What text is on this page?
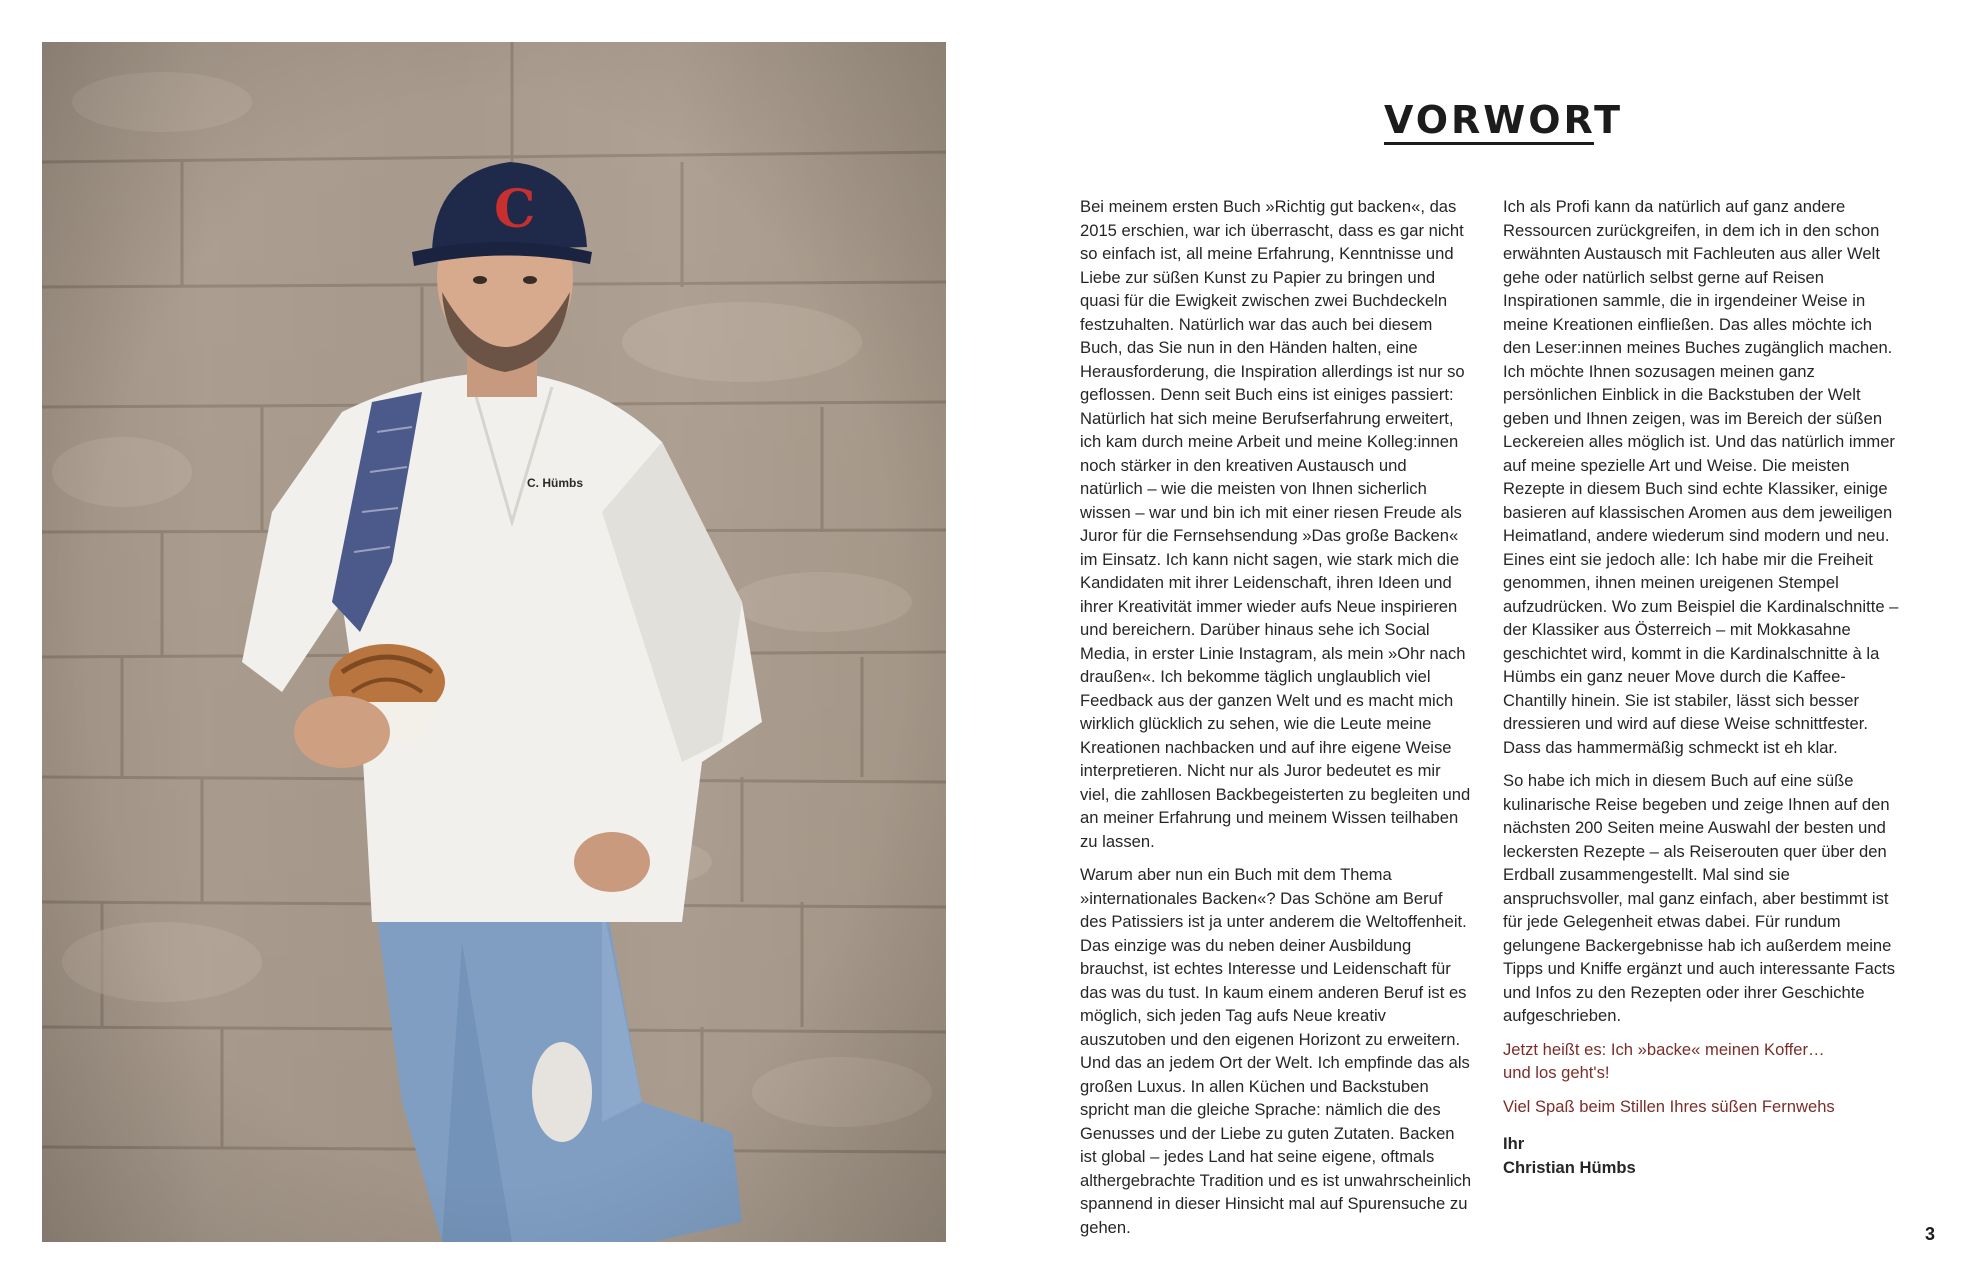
VORWORT

Bei meinem ersten Buch »Richtig gut backen«, das 2015 erschien, war ich überrascht, dass es gar nicht so einfach ist, all meine Erfahrung, Kenntnisse und Liebe zur süßen Kunst zu Papier zu bringen und quasi für die Ewigkeit zwischen zwei Buchdeckeln festzuhalten. Natürlich war das auch bei diesem Buch, das Sie nun in den Händen halten, eine Herausforderung, die Inspiration allerdings ist nur so geflossen. Denn seit Buch eins ist einiges passiert: Natürlich hat sich meine Berufserfahrung erweitert, ich kam durch meine Arbeit und meine Kolleg:innen noch stärker in den kreativen Austausch und natürlich – wie die meisten von Ihnen sicherlich wissen – war und bin ich mit einer riesen Freude als Juror für die Fernsehsendung »Das große Backen« im Einsatz. Ich kann nicht sagen, wie stark mich die Kandidaten mit ihrer Leidenschaft, ihren Ideen und ihrer Kreativität immer wieder aufs Neue inspirieren und bereichern. Darüber hinaus sehe ich Social Media, in erster Linie Instagram, als mein »Ohr nach draußen«. Ich bekomme täglich unglaublich viel Feedback aus der ganzen Welt und es macht mich wirklich glücklich zu sehen, wie die Leute meine Kreationen nachbacken und auf ihre eigene Weise interpretieren. Nicht nur als Juror bedeutet es mir viel, die zahllosen Backbegeisterten zu begleiten und an meiner Erfahrung und meinem Wissen teilhaben zu lassen.

Warum aber nun ein Buch mit dem Thema »internationales Backen«? Das Schöne am Beruf des Patissiers ist ja unter anderem die Weltoffenheit. Das einzige was du neben deiner Ausbildung brauchst, ist echtes Interesse und Leidenschaft für das was du tust. In kaum einem anderen Beruf ist es möglich, sich jeden Tag aufs Neue kreativ auszutoben und den eigenen Horizont zu erweitern. Und das an jedem Ort der Welt. Ich empfinde das als großen Luxus. In allen Küchen und Backstuben spricht man die gleiche Sprache: nämlich die des Genusses und der Liebe zu guten Zutaten. Backen ist global – jedes Land hat seine eigene, oftmals althergebrachte Tradition und es ist unwahrscheinlich spannend in dieser Hinsicht mal auf Spurensuche zu gehen.

Ich als Profi kann da natürlich auf ganz andere Ressourcen zurückgreifen, in dem ich in den schon erwähnten Austausch mit Fachleuten aus aller Welt gehe oder natürlich selbst gerne auf Reisen Inspirationen sammle, die in irgendeiner Weise in meine Kreationen einfließen. Das alles möchte ich den Leser:innen meines Buches zugänglich machen. Ich möchte Ihnen sozusagen meinen ganz persönlichen Einblick in die Backstuben der Welt geben und Ihnen zeigen, was im Bereich der süßen Leckereien alles möglich ist. Und das natürlich immer auf meine spezielle Art und Weise. Die meisten Rezepte in diesem Buch sind echte Klassiker, einige basieren auf klassischen Aromen aus dem jeweiligen Heimatland, andere wiederum sind modern und neu. Eines eint sie jedoch alle: Ich habe mir die Freiheit genommen, ihnen meinen ureigenen Stempel aufzudrücken. Wo zum Beispiel die Kardinalschnitte – der Klassiker aus Österreich – mit Mokkasahne geschichtet wird, kommt in die Kardinalschnitte à la Hümbs ein ganz neuer Move durch die Kaffee-Chantilly hinein. Sie ist stabiler, lässt sich besser dressieren und wird auf diese Weise schnittfester. Dass das hammermäßig schmeckt ist eh klar.

So habe ich mich in diesem Buch auf eine süße kulinarische Reise begeben und zeige Ihnen auf den nächsten 200 Seiten meine Auswahl der besten und leckersten Rezepte – als Reiserouten quer über den Erdball zusammengestellt. Mal sind sie anspruchsvoller, mal ganz einfach, aber bestimmt ist für jede Gelegenheit etwas dabei. Für rundum gelungene Backergebnisse hab ich außerdem meine Tipps und Kniffe ergänzt und auch interessante Facts und Infos zu den Rezepten oder ihrer Geschichte aufgeschrieben.

Jetzt heißt es: Ich »backe« meinen Koffer…
und los geht's!

Viel Spaß beim Stillen Ihres süßen Fernwehs

Ihr
Christian Hümbs

3
